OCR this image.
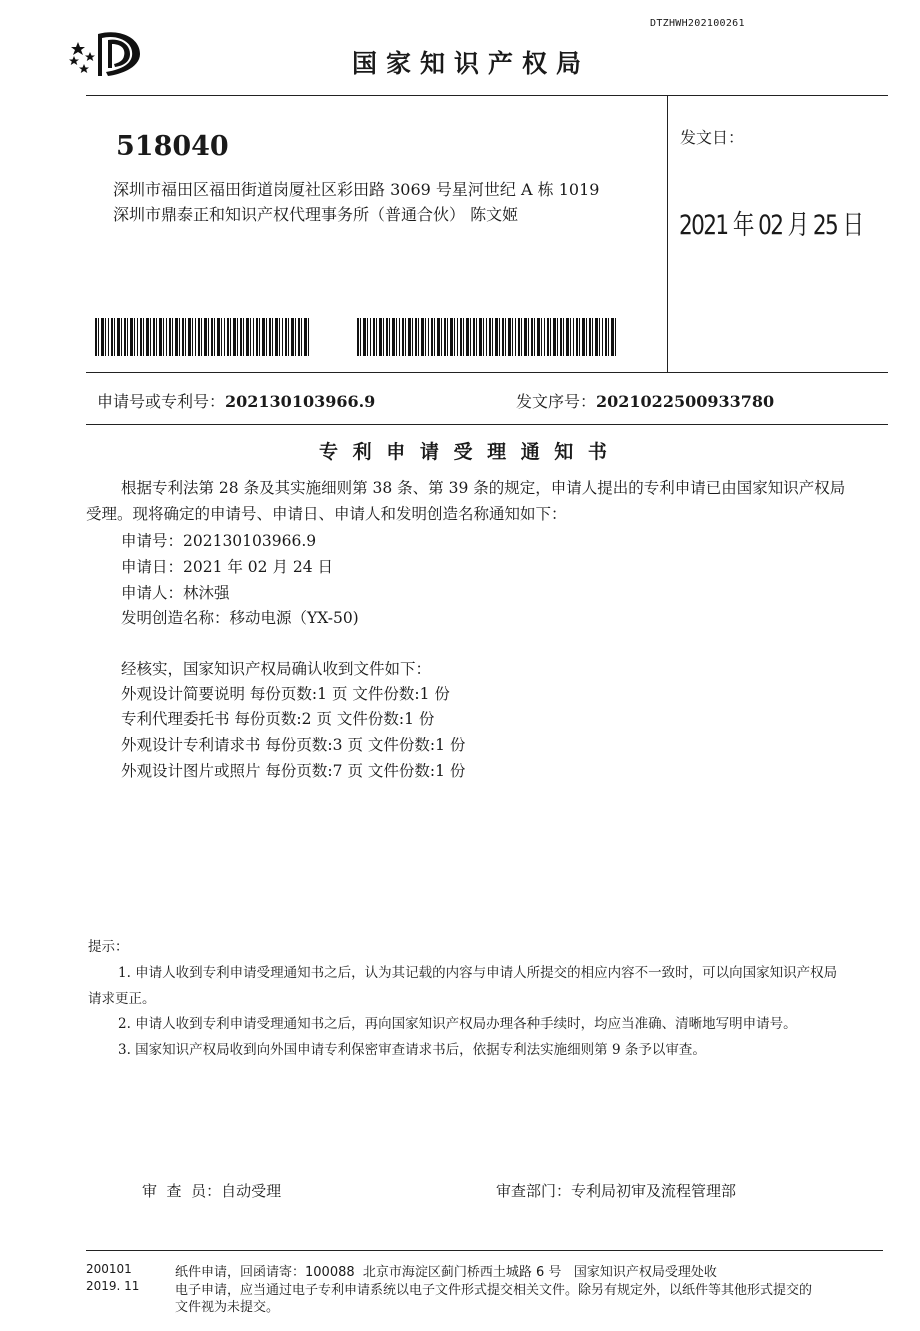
DTZHWH202100261
国家知识产权局
518040
深圳市福田区福田街道岗厦社区彩田路 3069 号星河世纪 A 栋 1019
深圳市鼎泰正和知识产权代理事务所（普通合伙） 陈文姬
发文日：
2021 年 02 月 25 日
申请号或专利号：202130103966.9	发文序号：2021022500933780
专 利 申 请 受 理 通 知 书
根据专利法第 28 条及其实施细则第 38 条、第 39 条的规定，申请人提出的专利申请已由国家知识产权局
受理。现将确定的申请号、申请日、申请人和发明创造名称通知如下：
申请号：202130103966.9
申请日：2021 年 02 月 24 日
申请人：林沐强
发明创造名称：移动电源（YX-50)
经核实，国家知识产权局确认收到文件如下：
外观设计简要说明 每份页数:1 页 文件份数:1 份
专利代理委托书 每份页数:2 页 文件份数:1 份
外观设计专利请求书 每份页数:3 页 文件份数:1 份
外观设计图片或照片 每份页数:7 页 文件份数:1 份
提示：
1. 申请人收到专利申请受理通知书之后，认为其记载的内容与申请人所提交的相应内容不一致时，可以向国家知识产权局
请求更正。
2. 申请人收到专利申请受理通知书之后，再向国家知识产权局办理各种手续时，均应当准确、清晰地写明申请号。
3. 国家知识产权局收到向外国申请专利保密审查请求书后，依据专利法实施细则第 9 条予以审查。
审  查  员：自动受理	审查部门：专利局初审及流程管理部
200101
2019. 11
纸件申请，回函请寄：100088  北京市海淀区蓟门桥西土城路 6 号   国家知识产权局受理处收
电子申请，应当通过电子专利申请系统以电子文件形式提交相关文件。除另有规定外，以纸件等其他形式提交的
文件视为未提交。
